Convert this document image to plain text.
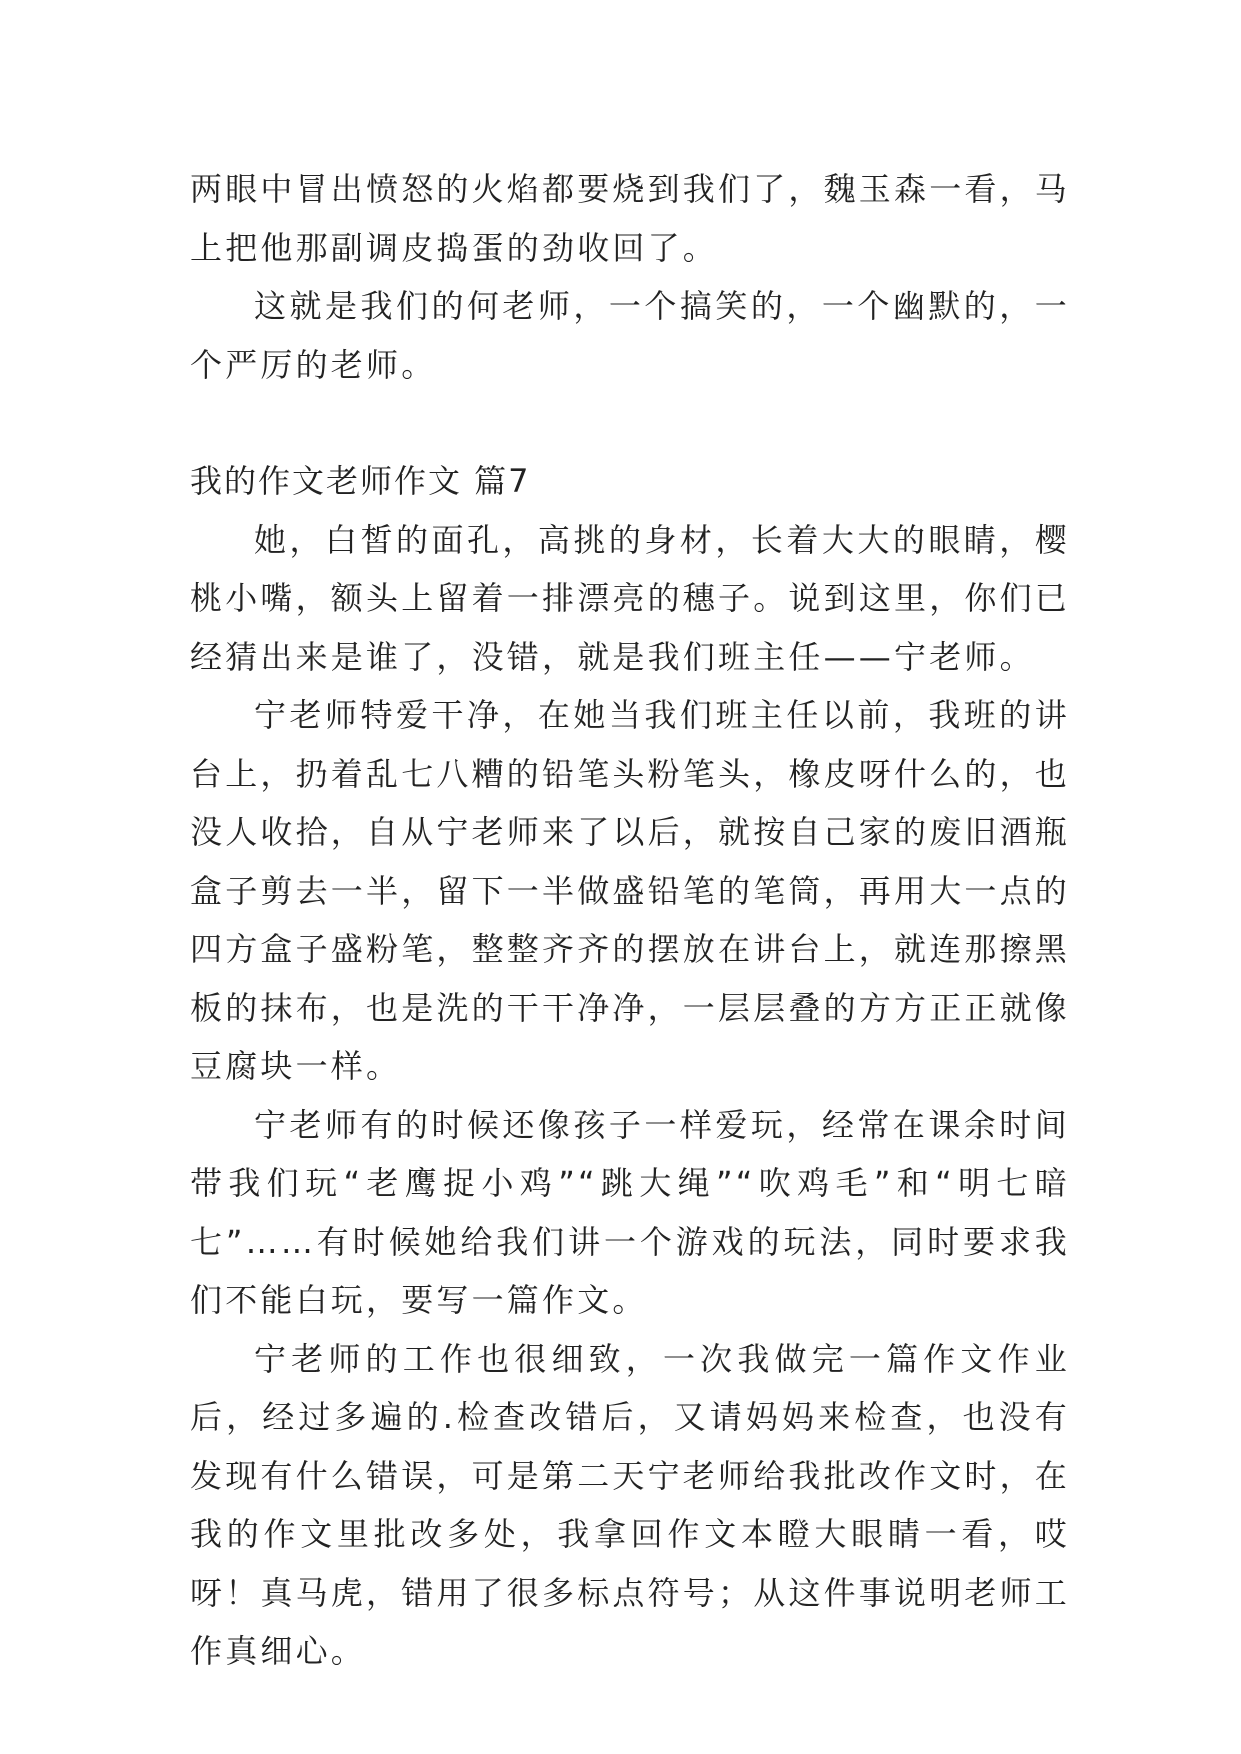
两眼中冒出愤怒的火焰都要烧到我们了，魏玉森一看，马上把他那副调皮捣蛋的劲收回了。

这就是我们的何老师，一个搞笑的，一个幽默的，一个严厉的老师。

我的作文老师作文 篇7

她，白皙的面孔，高挑的身材，长着大大的眼睛，樱桃小嘴，额头上留着一排漂亮的穗子。说到这里，你们已经猜出来是谁了，没错，就是我们班主任——宁老师。

宁老师特爱干净，在她当我们班主任以前，我班的讲台上，扔着乱七八糟的铅笔头粉笔头，橡皮呀什么的，也没人收拾，自从宁老师来了以后，就按自己家的废旧酒瓶盒子剪去一半，留下一半做盛铅笔的笔筒，再用大一点的四方盒子盛粉笔，整整齐齐的摆放在讲台上，就连那擦黑板的抹布，也是洗的干干净净，一层层叠的方方正正就像豆腐块一样。

宁老师有的时候还像孩子一样爱玩，经常在课余时间带我们玩“老鹰捉小鸡”“跳大绳”“吹鸡毛”和“明七暗七”……有时候她给我们讲一个游戏的玩法，同时要求我们不能白玩，要写一篇作文。

宁老师的工作也很细致，一次我做完一篇作文作业后，经过多遍的.检查改错后，又请妈妈来检查，也没有发现有什么错误，可是第二天宁老师给我批改作文时，在我的作文里批改多处，我拿回作文本瞪大眼睛一看，哎呀！真马虎，错用了很多标点符号；从这件事说明老师工作真细心。
